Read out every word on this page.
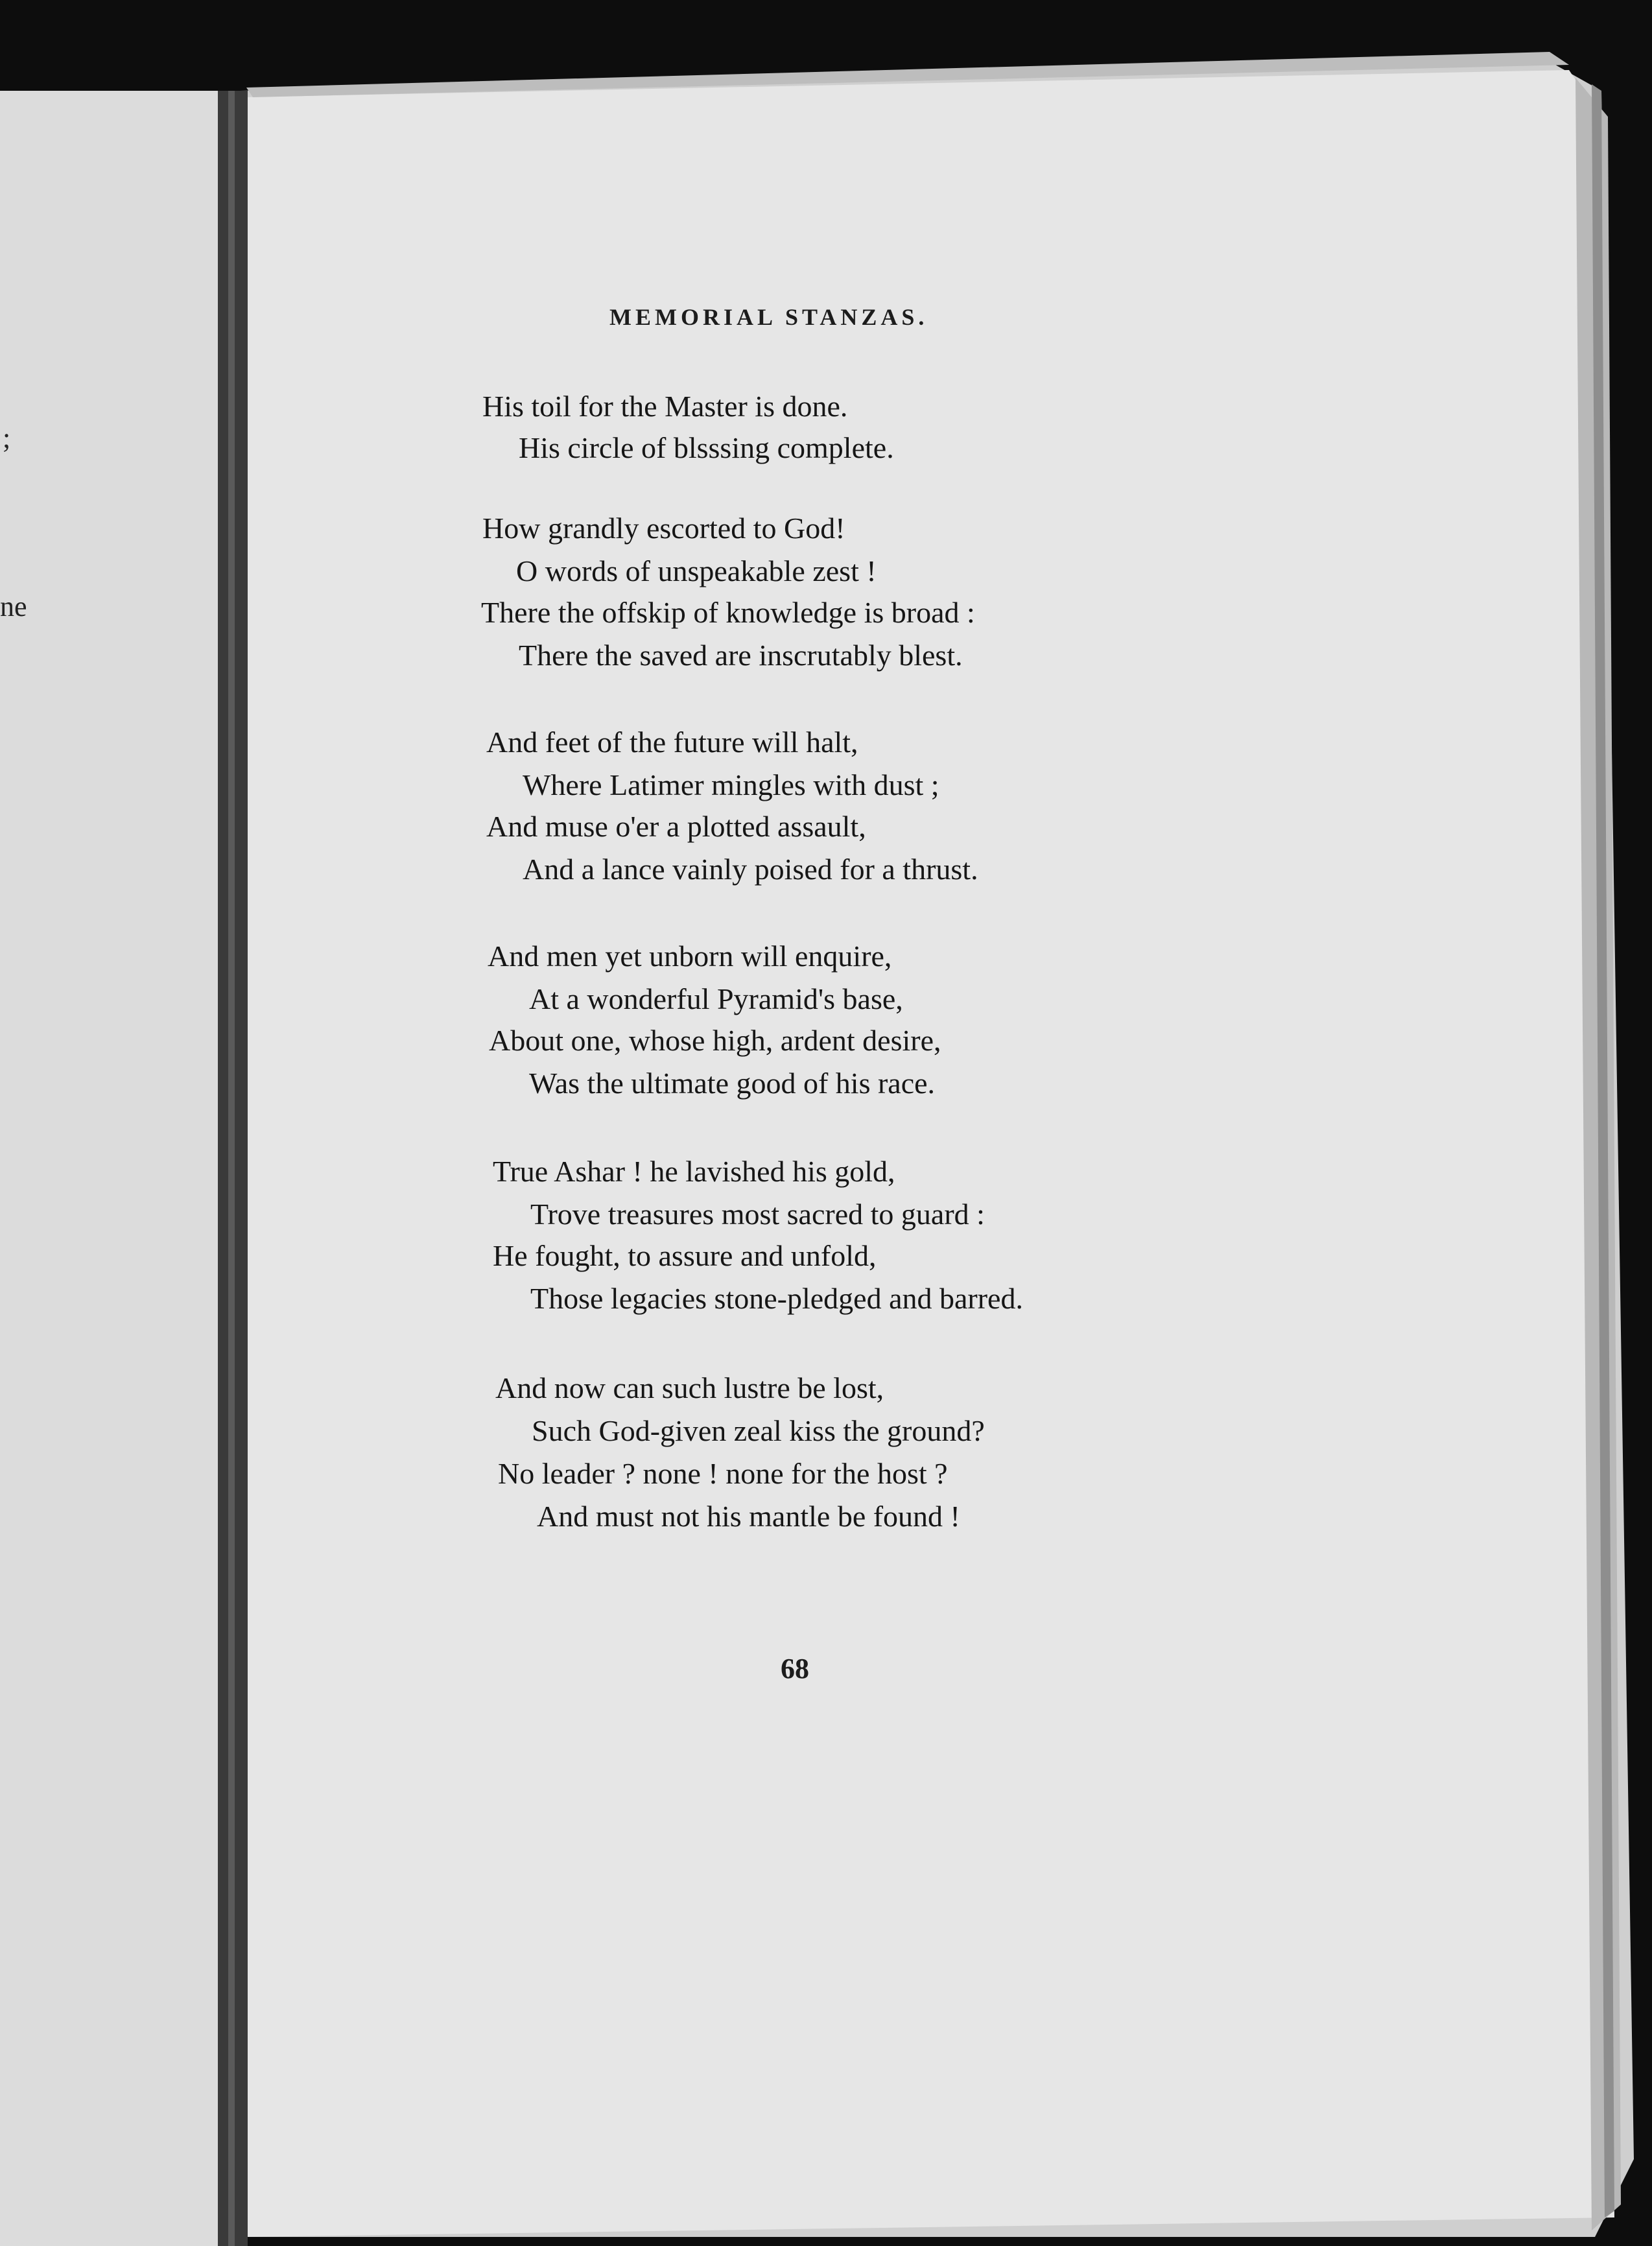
;
ne
MEMORIAL STANZAS.
His toil for the Master is done.
His circle of blsssing complete.
How grandly escorted to God!
O words of unspeakable zest !
There the offskip of knowledge is broad :
There the saved are inscrutably blest.
And feet of the future will halt,
Where Latimer mingles with dust ;
And muse o'er a plotted assault,
And a lance vainly poised for a thrust.
And men yet unborn will enquire,
At a wonderful Pyramid's base,
About one, whose high, ardent desire,
Was the ultimate good of his race.
True Ashar ! he lavished his gold,
Trove treasures most sacred to guard :
He fought, to assure and unfold,
Those legacies stone-pledged and barred.
And now can such lustre be lost,
Such God-given zeal kiss the ground?
No leader ? none ! none for the host ?
And must not his mantle be found !
68
